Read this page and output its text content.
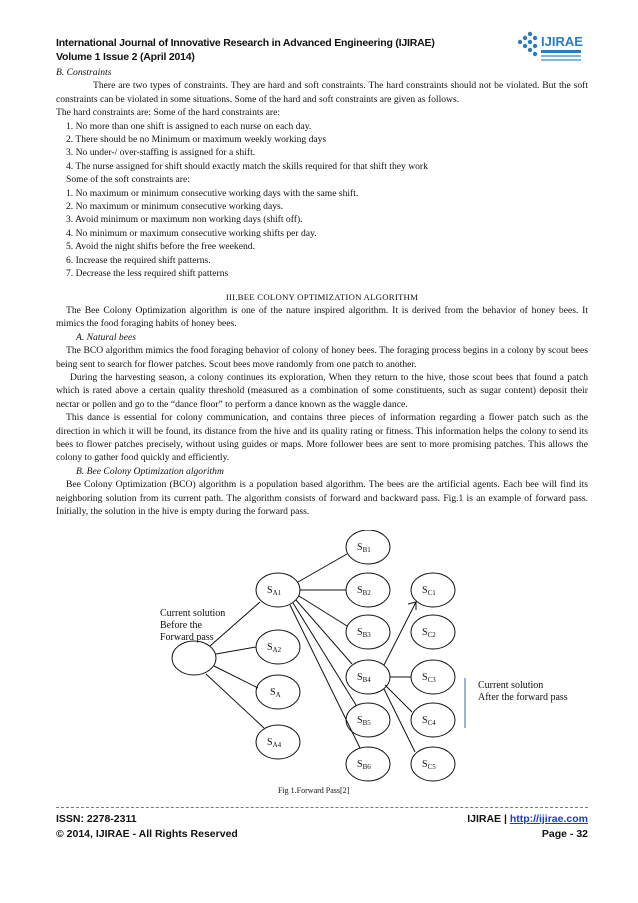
International Journal of Innovative Research in Advanced Engineering (IJIRAE)
Volume 1 Issue 2 (April 2014)
IJIRAE

B. Constraints

There are two types of constraints. They are hard and soft constraints. The hard constraints should not be violated. But the soft constraints can be violated in some situations. Some of the hard and soft constraints are given as follows.

The hard constraints are: Some of the hard constraints are:

1. No more than one shift is assigned to each nurse on each day.

2. There should be no Minimum or maximum weekly working days

3. No under-/ over-staffing is assigned for a shift.

4. The nurse assigned for shift should exactly match the skills required for that shift they work

Some of the soft constraints are:

1. No maximum or minimum consecutive working days with the same shift.

2. No maximum or minimum consecutive working days.

3. Avoid minimum or maximum non working days (shift off).

4. No minimum or maximum consecutive working shifts per day.

5. Avoid the night shifts before the free weekend.

6. Increase the required shift patterns.

7. Decrease the less required shift patterns

III.BEE COLONY OPTIMIZATION ALGORITHM

The Bee Colony Optimization algorithm is one of the nature inspired algorithm. It is derived from the behavior of honey bees. It mimics the food foraging habits of honey bees.

A. Natural bees

The BCO algorithm mimics the food foraging behavior of colony of honey bees. The foraging process begins in a colony by scout bees being sent to search for flower patches. Scout bees move randomly from one patch to another.

During the harvesting season, a colony continues its exploration, When they return to the hive, those scout bees that found a patch which is rated above a certain quality threshold (measured as a combination of some constituents, such as sugar content) deposit their nectar or pollen and go to the “dance floor” to perform a dance known as the waggle dance.

This dance is essential for colony communication, and contains three pieces of information regarding a flower patch such as the direction in which it will be found, its distance from the hive and its quality rating or fitness. This information helps the colony to send its bees to flower patches precisely, without using guides or maps. More follower bees are sent to more promising patches. This allows the colony to gather food quickly and efficiently.

B. Bee Colony Optimization algorithm

Bee Colony Optimization (BCO) algorithm is a population based algorithm. The bees are the artificial agents. Each bee will find its neighboring solution from its current path. The algorithm consists of forward and backward pass. Fig.1 is an example of forward pass. Initially, the solution in the hive is empty during the forward pass.

$S_{A1}$
$S_{A2}$
$S_A$
$S_{A4}$
$S_{B1}$
$S_{B2}$
$S_{B3}$
$S_{B4}$
$S_{B5}$
$S_{B6}$
$S_{C1}$
$S_{C2}$
$S_{C3}$
$S_{C4}$
$S_{C5}$
Current solution
Before the
Forward pass
Current solution
After the forward pass
Fig 1.Forward Pass[2]
ISSN: 2278-2311	IJIRAE | http://ijirae.com
© 2014, IJIRAE - All Rights Reserved	Page - 32
